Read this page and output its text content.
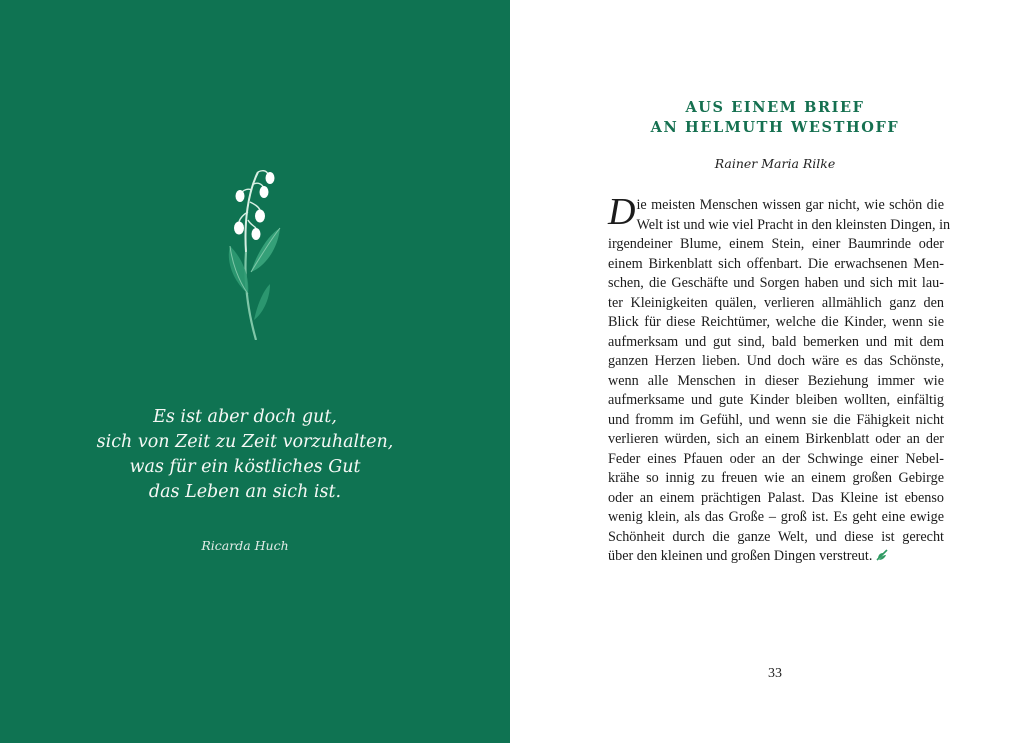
Es ist aber doch gut,
sich von Zeit zu Zeit vorzuhalten,
was für ein köstliches Gut
das Leben an sich ist.
Ricarda Huch
AUS EINEM BRIEF
AN HELMUTH WESTHOFF
Rainer Maria Rilke
D ie meisten Menschen wissen gar nicht, wie schön die
Welt ist und wie viel Pracht in den kleinsten Dingen, in
irgendeiner Blume, einem Stein, einer Baumrinde oder
einem Birkenblatt sich offenbart. Die erwachsenen Men-
schen, die Geschäfte und Sorgen haben und sich mit lau-
ter Kleinigkeiten quälen, verlieren allmählich ganz den
Blick für diese Reichtümer, welche die Kinder, wenn sie
aufmerksam und gut sind, bald bemerken und mit dem
ganzen Herzen lieben. Und doch wäre es das Schönste,
wenn alle Menschen in dieser Beziehung immer wie
aufmerksame und gute Kinder bleiben wollten, einfältig
und fromm im Gefühl, und wenn sie die Fähigkeit nicht
verlieren würden, sich an einem Birkenblatt oder an der
Feder eines Pfauen oder an der Schwinge einer Nebel-
krähe so innig zu freuen wie an einem großen Gebirge
oder an einem prächtigen Palast. Das Kleine ist ebenso
wenig klein, als das Große – groß ist. Es geht eine ewige
Schönheit durch die ganze Welt, und diese ist gerecht
über den kleinen und großen Dingen verstreut.
33
